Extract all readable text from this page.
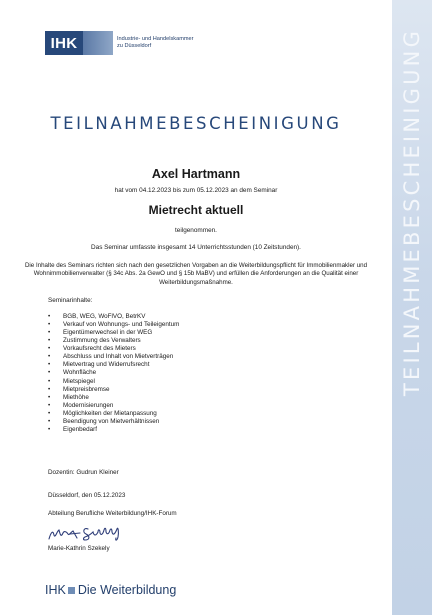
TEILNAHMEBESCHEINIGUNG
IHK	Industrie- und Handelskammer
zu Düsseldorf
TEILNAHMEBESCHEINIGUNG
Axel Hartmann
hat vom 04.12.2023 bis zum 05.12.2023 an dem Seminar
Mietrecht aktuell
teilgenommen.
Das Seminar umfasste insgesamt 14 Unterrichtsstunden (10 Zeitstunden).
Die Inhalte des Seminars richten sich nach den gesetzlichen Vorgaben an die Weiterbildungspflicht für Immobilienmakler und Wohnimmobilienverwalter (§ 34c Abs. 2a GewO und § 15b MaBV) und erfüllen die Anforderungen an die Qualität einer Weiterbildungsmaßnahme.
Seminarinhalte:
• BGB, WEG, WoFlVO, BetrKV
• Verkauf von Wohnungs- und Teileigentum
• Eigentümerwechsel in der WEG
• Zustimmung des Verwalters
• Vorkaufsrecht des Mieters
• Abschluss und Inhalt von Mietverträgen
• Mietvertrag und Widerrufsrecht
• Wohnfläche
• Mietspiegel
• Mietpreisbremse
• Miethöhe
• Modernisierungen
• Möglichkeiten der Mietanpassung
• Beendigung von Mietverhältnissen
• Eigenbedarf
Dozentin: Gudrun Kleiner
Düsseldorf, den 05.12.2023
Abteilung Berufliche Weiterbildung/IHK-Forum
Marie-Kathrin Szekely
IHK Die Weiterbildung
